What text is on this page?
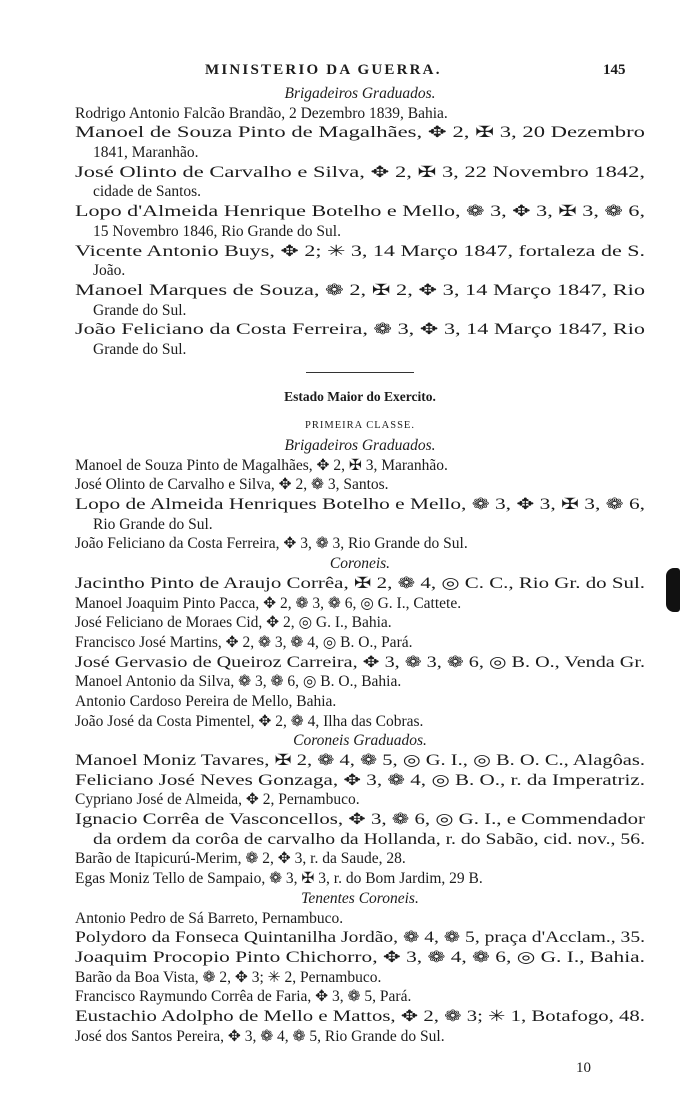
MINISTERIO DA GUERRA.	145
Brigadeiros Graduados.
Rodrigo Antonio Falcão Brandão, 2 Dezembro 1839, Bahia.
Manoel de Souza Pinto de Magalhães, ✥ 2, ✠ 3, 20 Dezembro
1841, Maranhão.
José Olinto de Carvalho e Silva, ✥ 2, ✠ 3, 22 Novembro 1842,
cidade de Santos.
Lopo d'Almeida Henrique Botelho e Mello, ❁ 3, ✥ 3, ✠ 3, ❁ 6,
15 Novembro 1846, Rio Grande do Sul.
Vicente Antonio Buys, ✥ 2; ✳ 3, 14 Março 1847, fortaleza de S.
João.
Manoel Marques de Souza, ❁ 2, ✠ 2, ✥ 3, 14 Março 1847, Rio
Grande do Sul.
João Feliciano da Costa Ferreira, ❁ 3, ✥ 3, 14 Março 1847, Rio
Grande do Sul.
Estado Maior do Exercito.
PRIMEIRA CLASSE.
Brigadeiros Graduados.
Manoel de Souza Pinto de Magalhães, ✥ 2, ✠ 3, Maranhão.
José Olinto de Carvalho e Silva, ✥ 2, ❁ 3, Santos.
Lopo de Almeida Henriques Botelho e Mello, ❁ 3, ✥ 3, ✠ 3, ❁ 6,
Rio Grande do Sul.
João Feliciano da Costa Ferreira, ✥ 3, ❁ 3, Rio Grande do Sul.
Coroneis.
Jacintho Pinto de Araujo Corrêa, ✠ 2, ❁ 4, ◎ C. C., Rio Gr. do Sul.
Manoel Joaquim Pinto Pacca, ✥ 2, ❁ 3, ❁ 6, ◎ G. I., Cattete.
José Feliciano de Moraes Cid, ✥ 2, ◎ G. I., Bahia.
Francisco José Martins, ✥ 2, ❁ 3, ❁ 4, ◎ B. O., Pará.
José Gervasio de Queiroz Carreira, ✥ 3, ❁ 3, ❁ 6, ◎ B. O., Venda Gr.
Manoel Antonio da Silva, ❁ 3, ❁ 6, ◎ B. O., Bahia.
Antonio Cardoso Pereira de Mello, Bahia.
João José da Costa Pimentel, ✥ 2, ❁ 4, Ilha das Cobras.
Coroneis Graduados.
Manoel Moniz Tavares, ✠ 2, ❁ 4, ❁ 5, ◎ G. I., ◎ B. O. C., Alagôas.
Feliciano José Neves Gonzaga, ✥ 3, ❁ 4, ◎ B. O., r. da Imperatriz.
Cypriano José de Almeida, ✥ 2, Pernambuco.
Ignacio Corrêa de Vasconcellos, ✥ 3, ❁ 6, ◎ G. I., e Commendador
da ordem da corôa de carvalho da Hollanda, r. do Sabão, cid. nov., 56.
Barão de Itapicurú-Merim, ❁ 2, ✥ 3, r. da Saude, 28.
Egas Moniz Tello de Sampaio, ❁ 3, ✠ 3, r. do Bom Jardim, 29 B.
Tenentes Coroneis.
Antonio Pedro de Sá Barreto, Pernambuco.
Polydoro da Fonseca Quintanilha Jordão, ❁ 4, ❁ 5, praça d'Acclam., 35.
Joaquim Procopio Pinto Chichorro, ✥ 3, ❁ 4, ❁ 6, ◎ G. I., Bahia.
Barão da Boa Vista, ❁ 2, ✥ 3; ✳ 2, Pernambuco.
Francisco Raymundo Corrêa de Faria, ✥ 3, ❁ 5, Pará.
Eustachio Adolpho de Mello e Mattos, ✥ 2, ❁ 3; ✳ 1, Botafogo, 48.
José dos Santos Pereira, ✥ 3, ❁ 4, ❁ 5, Rio Grande do Sul.
10
